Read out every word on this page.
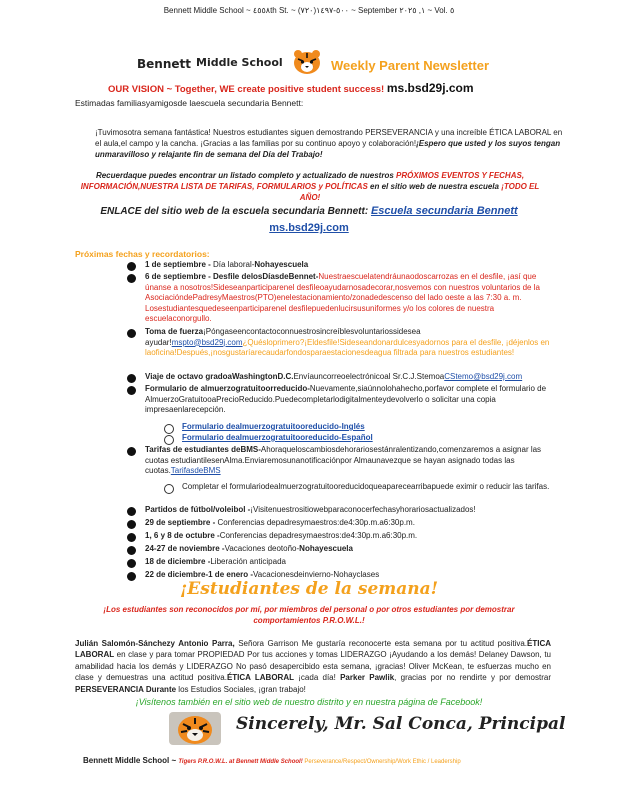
Bennett Middle School ~ ٤٥٥٨th St. ~ (٧٢٠)٥٠٠-١٤٩٧ ~ September ١, ٢٠٢٥ ~ Vol. ٥
Bennett Middle School	Weekly Parent Newsletter
OUR VISION ~ Together, WE create positive student success! ms.bsd29j.com
Estimadas familiasyamigosde laescuela secundaria Bennett:
¡Tuvimosotra semana fantástica! Nuestros estudiantes siguen demostrando PERSEVERANCIA y una increíble ÉTICA LABORAL en el aula,el campo y la cancha. ¡Gracias a las familias por su continuo apoyo y colaboración!¡Espero que usted y los suyos tengan unmaravilloso y relajante fin de semana del Día del Trabajo!
Recuerdaque puedes encontrar un listado completo y actualizado de nuestros PRÓXIMOS EVENTOS Y FECHAS, INFORMACIÓN,NUESTRA LISTA DE TARIFAS, FORMULARIOS y POLÍTICAS en el sitio web de nuestra escuela ¡TODO EL AÑO!
ENLACE del sitio web de la escuela secundaria Bennett: Escuela secundaria Bennett
ms.bsd29j.com
Próximas fechas y recordatorios:
1 de septiembre - Día laboral-Nohayescuela
6 de septiembre - Desfile delosDíasdeBennet-Nuestraescuelatendráunaodoscarrozas en el desfile, ¡así que únanse a nosotros!Sideseanparticiparenel desfileoayudarnosadecorar,nosvemos con nuestros voluntarios de la AsociacióndePadresyMaestros(PTO)enelestacionamiento/zonadedescenso del lado oeste a las 7:30 a. m. Losestudiantesquedeseenparticiparenel desfilepuedenlucirsusuniformes y/o los colores de nuestra escuelaconorgullo.
Toma de fuerza¡Póngaseencontactoconnuestrosincreíblesvoluntariossidesea ayudar!mspto@bsd29j.com¿Quésloprimero?¡Eldesfile!Sideseandonardulcesyadornos para el desfile, ¡déjenlos en laoficina!Después,¡nosgustaríarecaudarfondosparaestacionesdeagua filtrada para nuestros estudiantes!
Viaje de octavo gradoaWashingtonD.C.Envíauncorreoelectrónicoal Sr.C.J.StemoaCStemo@bsd29j.com
Formulario de almuerzogratuitoorreducido-Nuevamente,siaúnnolohahecho,porfavor complete el formulario de AlmuerzoGratuitooaPrecioReducido.Puedecompletarlodigitalmenteydevolverlo o solicitar una copia impresaenlarecepción.
Formulario dealmuerzogratuitooreducido-Inglés
Formulario dealmuerzogratuitooreducido-Español
Tarifas de estudiantes deBMS-Ahoraqueloscambiosdehorariosestánralentizando,comenzaremos a asignar las cuotas estudiantilesenAlma.Enviaremosunanotificaciónpor Almaunavezque se hayan asignado todas las cuotas.TarifasdeBMS
Completar el formulariodealmuerzogratuitooreducidoqueaparecearribapuede eximir o reducir las tarifas.
Partidos de fútbol/voleibol -¡Visitenuestrositiowebparaconocerfechasyhorariosactualizados!
29 de septiembre - Conferencias depadresymaestros:de4:30p.m.a6:30p.m.
1, 6 y 8 de octubre -Conferencias depadresymaestros:de4:30p.m.a6:30p.m.
24-27 de noviembre -Vacaciones deotoño-Nohayescuela
18 de diciembre -Liberación anticipada
22 de diciembre-1 de enero -Vacacionesdeinvierno-Nohayclases
¡Estudiantes de la semana!
¡Los estudiantes son reconocidos por mí, por miembros del personal o por otros estudiantes por demostrar comportamientos P.R.O.W.L.!
Julián Salomón-Sánchezy Antonio Parra, Señora Garrison Me gustaría reconocerte esta semana por tu actitud positiva.ÉTICA LABORAL en clase y para tomar PROPIEDAD Por tus acciones y tomas LIDERAZGO ¡Ayudando a los demás! Delaney Dawson, tu amabilidad hacia los demás y LIDERAZGO No pasó desapercibido esta semana, ¡gracias! Oliver McKean, te esfuerzas mucho en clase y demuestras una actitud positiva.ÉTICA LABORAL ¡cada día! Parker Pawlik, gracias por no rendirte y por demostrar PERSEVERANCIA Durante los Estudios Sociales, ¡gran trabajo!
¡Visítenos también en el sitio web de nuestro distrito y en nuestra página de Facebook!
Sincerely, Mr. Sal Conca, Principal
Bennett Middle School ~ Tigers P.R.O.W.L. at Bennett Middle School! Perseverance/Respect/Ownership/Work Ethic / Leadership
